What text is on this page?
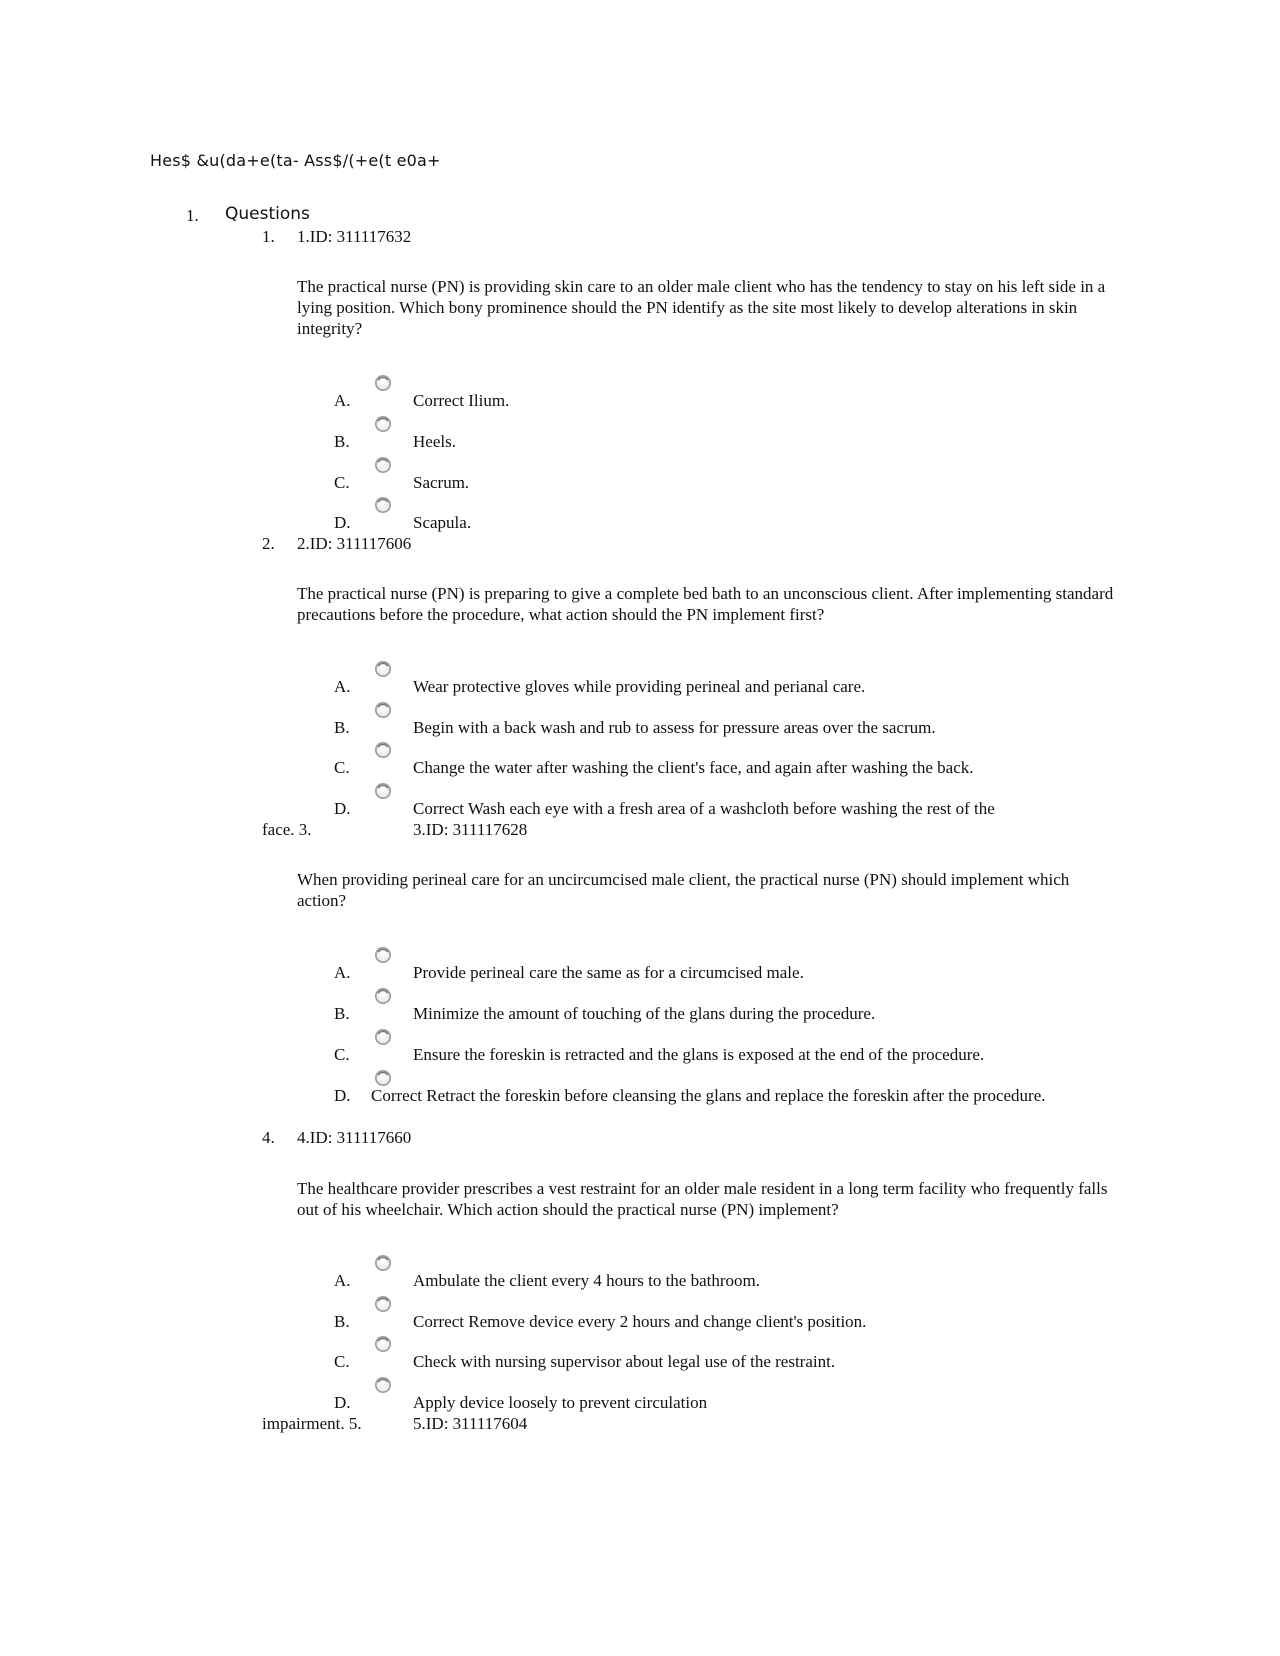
Hes$ &u(da+e(ta- Ass$/(+e(t e0a+
1. Questions
1. 1.ID: 311117632
The practical nurse (PN) is providing skin care to an older male client who has the tendency to stay on his left side in a lying position. Which bony prominence should the PN identify as the site most likely to develop alterations in skin integrity?
A.	Correct Ilium.
B.	Heels.
C.	Sacrum.
D.	Scapula.
2. 2.ID: 311117606
The practical nurse (PN) is preparing to give a complete bed bath to an unconscious client. After implementing standard precautions before the procedure, what action should the PN implement first?
A.	Wear protective gloves while providing perineal and perianal care.
B.	Begin with a back wash and rub to assess for pressure areas over the sacrum.
C.	Change the water after washing the client's face, and again after washing the back.
D.	Correct Wash each eye with a fresh area of a washcloth before washing the rest of the
face. 3.	3.ID: 311117628
When providing perineal care for an uncircumcised male client, the practical nurse (PN) should implement which action?
A.	Provide perineal care the same as for a circumcised male.
B.	Minimize the amount of touching of the glans during the procedure.
C.	Ensure the foreskin is retracted and the glans is exposed at the end of the procedure.
D. Correct Retract the foreskin before cleansing the glans and replace the foreskin after the procedure.
4. 4.ID: 311117660
The healthcare provider prescribes a vest restraint for an older male resident in a long term facility who frequently falls out of his wheelchair. Which action should the practical nurse (PN) implement?
A.	Ambulate the client every 4 hours to the bathroom.
B.	Correct Remove device every 2 hours and change client's position.
C.	Check with nursing supervisor about legal use of the restraint.
D.	Apply device loosely to prevent circulation
impairment. 5.	5.ID: 311117604
